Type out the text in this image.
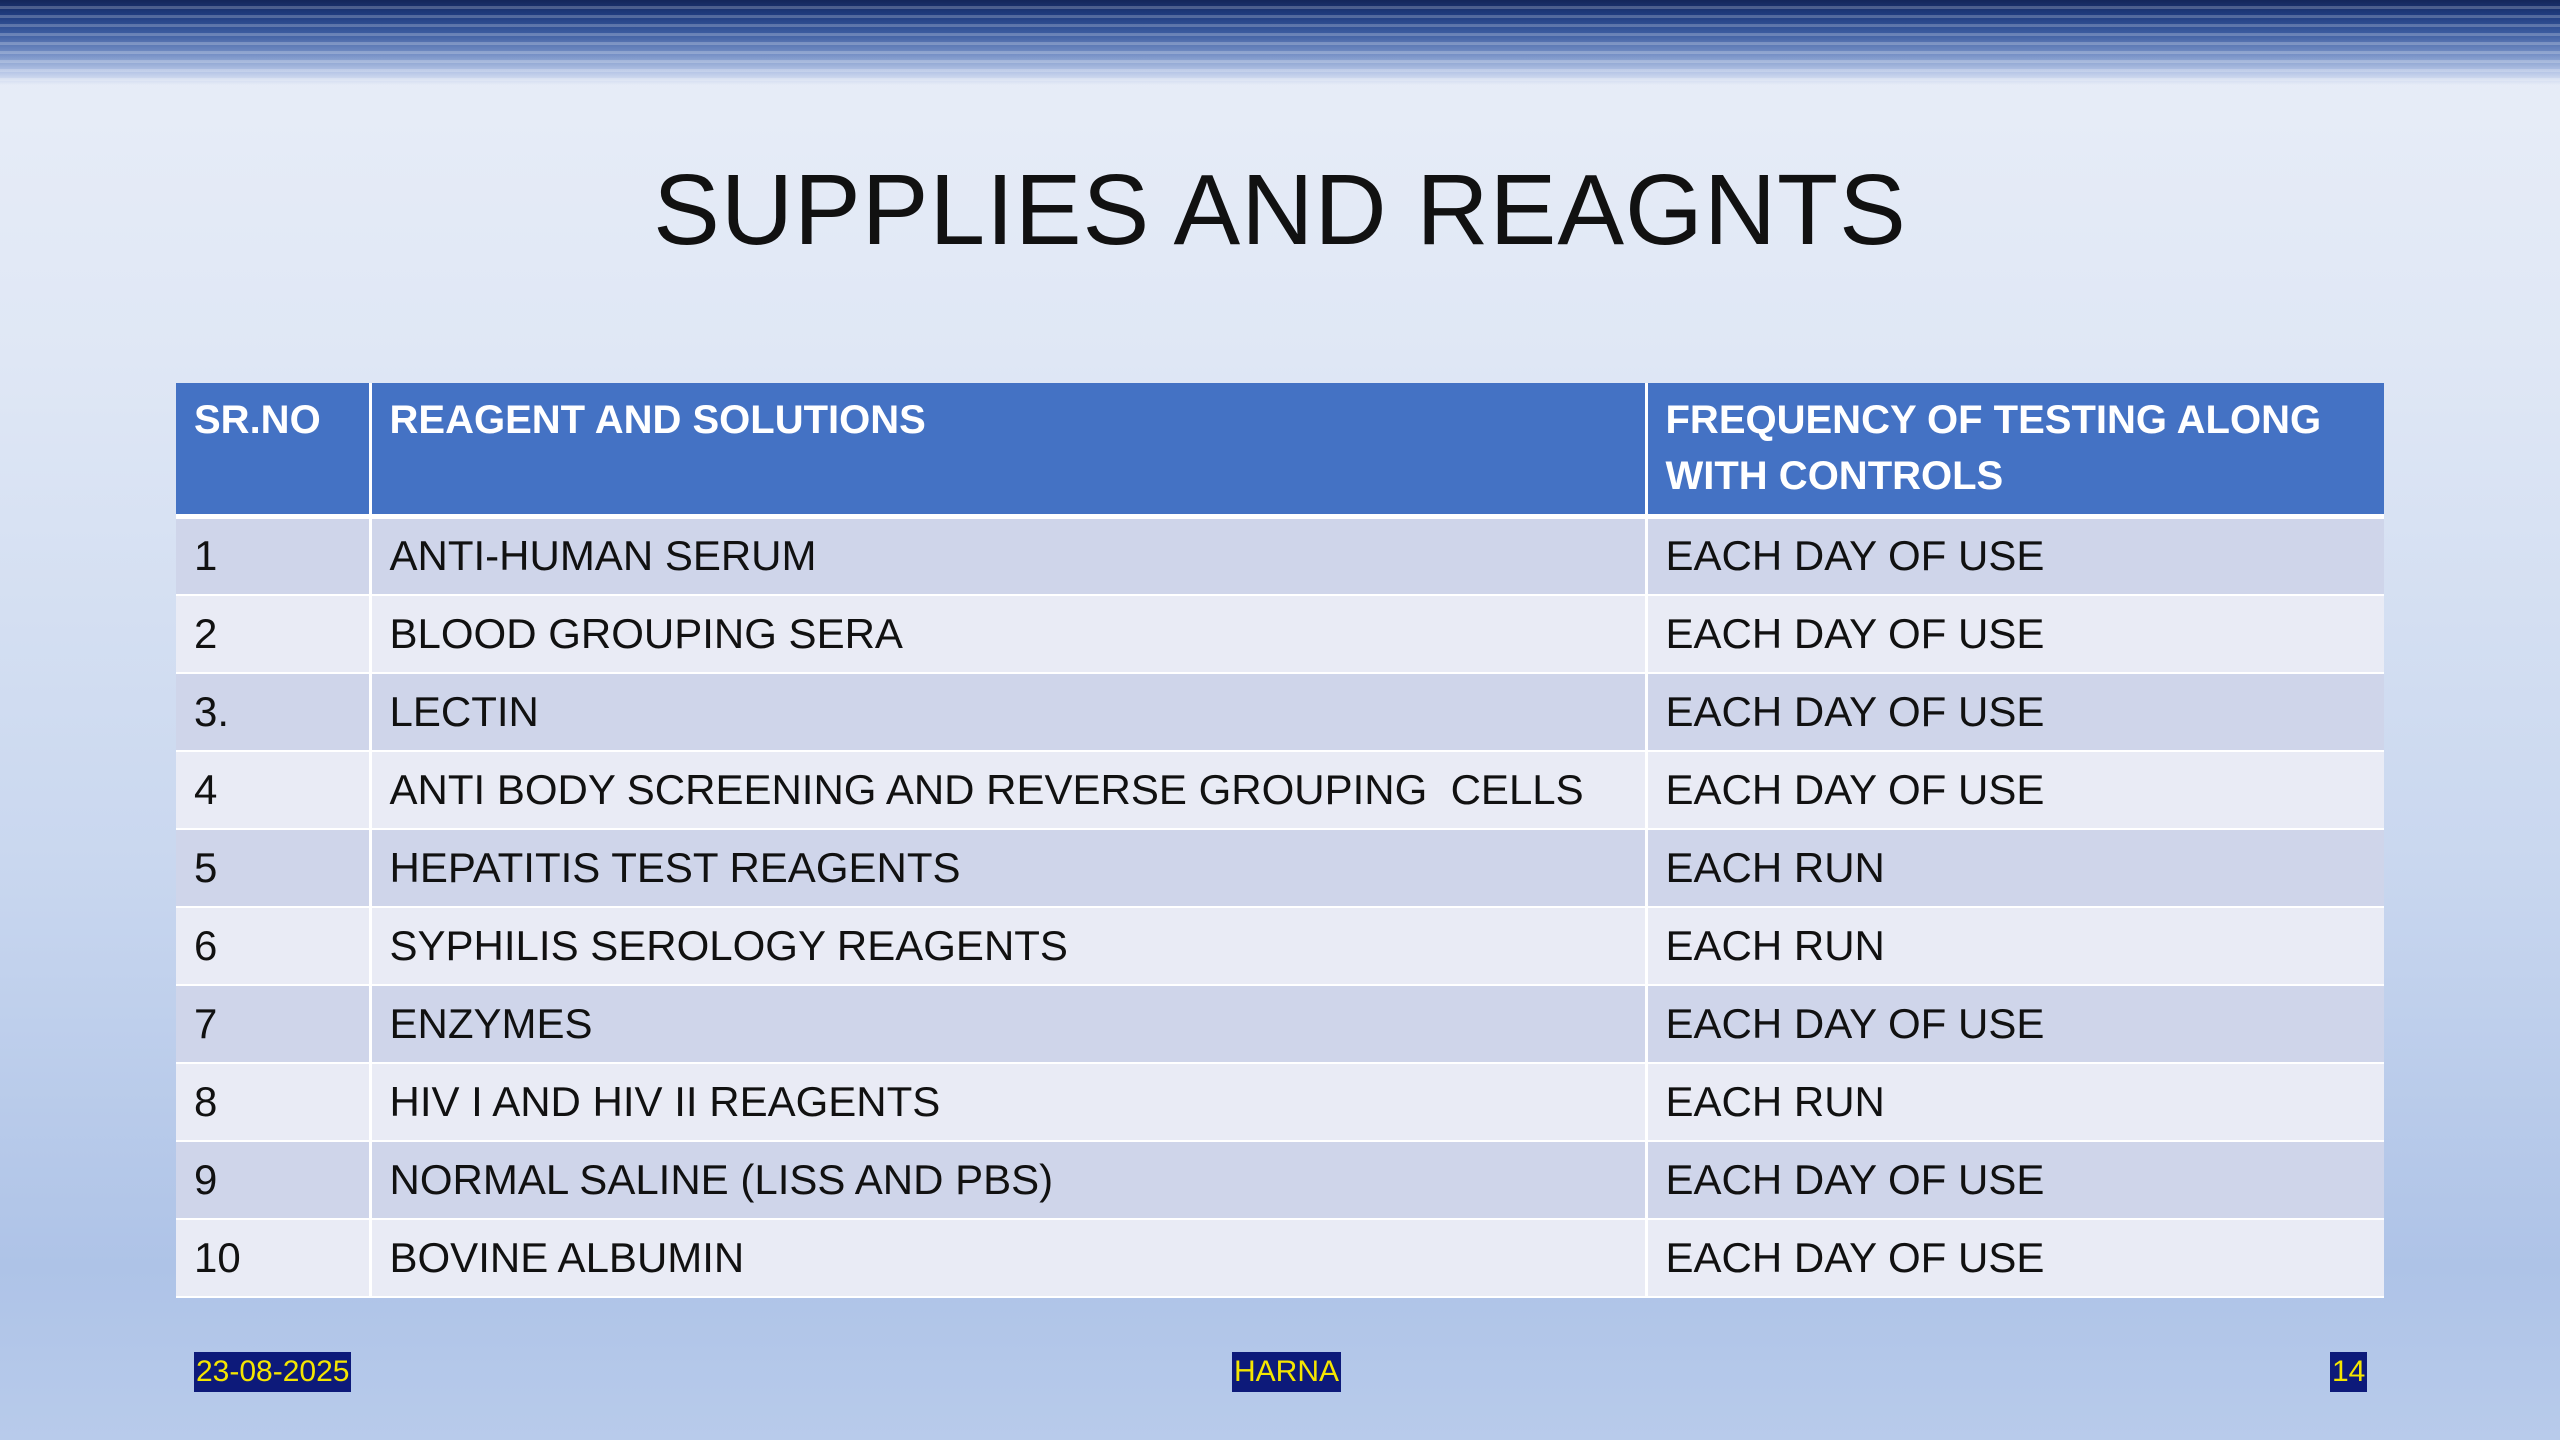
SUPPLIES AND REAGNTS
SR.NO	REAGENT AND SOLUTIONS	FREQUENCY OF TESTING ALONG WITH CONTROLS
1	ANTI-HUMAN SERUM	EACH DAY OF USE
2	BLOOD GROUPING SERA	EACH DAY OF USE
3.	LECTIN	EACH DAY OF USE
4	ANTI BODY SCREENING AND REVERSE GROUPING  CELLS	EACH DAY OF USE
5	HEPATITIS TEST REAGENTS	EACH RUN
6	SYPHILIS SEROLOGY REAGENTS	EACH RUN
7	ENZYMES	EACH DAY OF USE
8	HIV I AND HIV II REAGENTS	EACH RUN
9	NORMAL SALINE (LISS AND PBS)	EACH DAY OF USE
10	BOVINE ALBUMIN	EACH DAY OF USE
23-08-2025	HARNA	14
